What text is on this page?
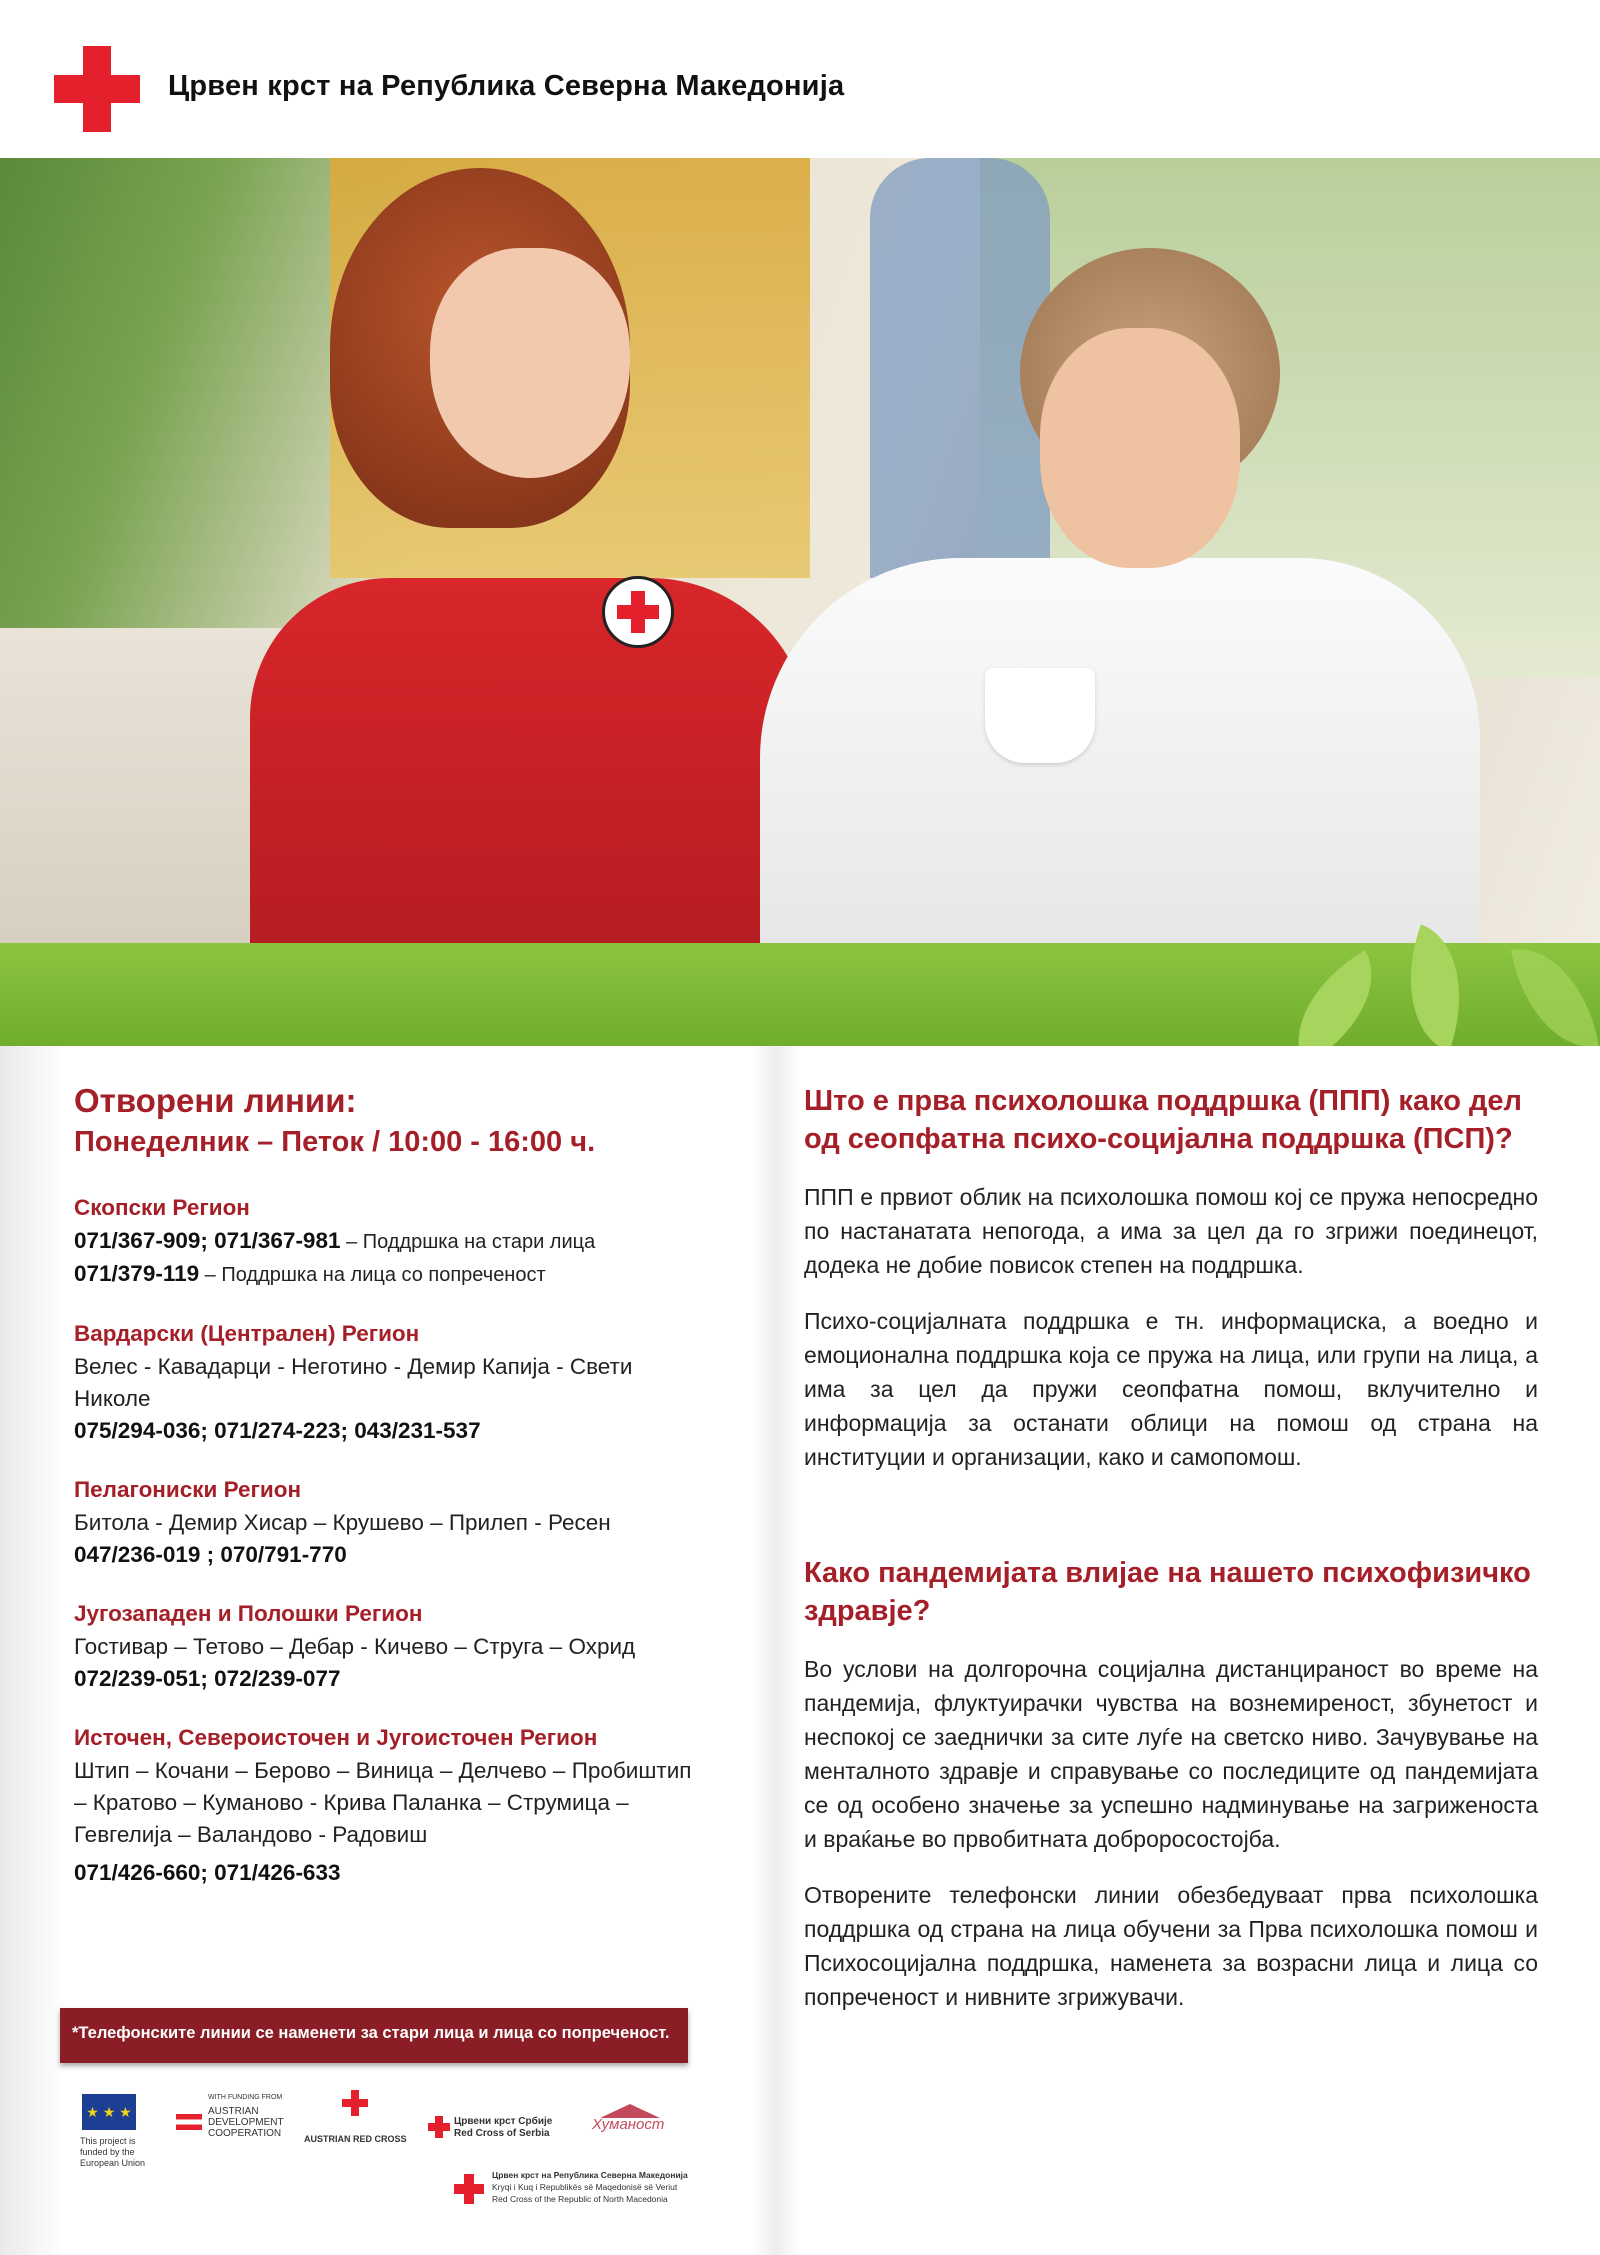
Црвен крст на Република Северна Македонија
Отворени линии:
Понеделник – Петок / 10:00 - 16:00 ч.
Скопски Регион
071/367-909; 071/367-981 – Поддршка на стари лица
071/379-119 – Поддршка на лица со попреченост
Вардарски (Централен) Регион
Велес - Кавадарци - Неготино - Демир Капија - Свети Николе
075/294-036; 071/274-223; 043/231-537
Пелагониски Регион
Битола - Демир Хисар – Крушево – Прилеп - Ресен
047/236-019 ; 070/791-770
Југозападен и Полошки Регион
Гостивар – Тетово – Дебар - Кичево – Струга – Охрид
072/239-051; 072/239-077
Источен, Североисточен и Југоисточен Регион
Штип – Кочани – Берово – Виница – Делчево – Пробиштип – Кратово – Куманово - Крива Паланка – Струмица – Гевгелија – Валандово - Радовиш
071/426-660; 071/426-633
*Телефонските линии се наменети за стари лица и лица со попреченост.
★ ★ ★
This project is funded by the European Union
WITH FUNDING FROM
AUSTRIAN DEVELOPMENT COOPERATION	AUSTRIAN RED CROSS
Црвени крст Србије
Red Cross of Serbia
Хуманост
Црвен крст на Република Северна Македонија
Kryqi i Kuq i Republikës së Maqedonisë së Veriut
Red Cross of the Republic of North Macedonia
Што е прва психолошка поддршка (ППП) како дел од сеопфатна психо-социјална поддршка (ПСП)?

ППП е првиот облик на психолошка помош кој се пружа непосредно по настанатата непогода, а има за цел да го згрижи поединецот, додека не добие повисок степен на поддршка.

Психо-социјалната поддршка е тн. информациска, а воедно и емоционална поддршка која се пружа на лица, или групи на лица, а има за цел да пружи сеопфатна помош, вклучително и информација за останати облици на помош од страна на институции и организации, како и самопомош.

Како пандемијата влијае на нашето психофизичко здравје?

Во услови на долгорочна социјална дистанцираност во време на пандемија, флуктуирачки чувства на вознемиреност, збунетост и неспокој се заеднички за сите луѓе на светско ниво. Зачувување на менталното здравје и справување со последиците од пандемијата се од особено значење за успешно надминување на загриженоста и враќање во првобитната доброросостојба.

Отворените телефонски линии обезбедуваат прва психолошка поддршка од страна на лица обучени за Прва психолошка помош и Психосоцијална поддршка, наменета за возрасни лица и лица со попреченост и нивните згрижувачи.
